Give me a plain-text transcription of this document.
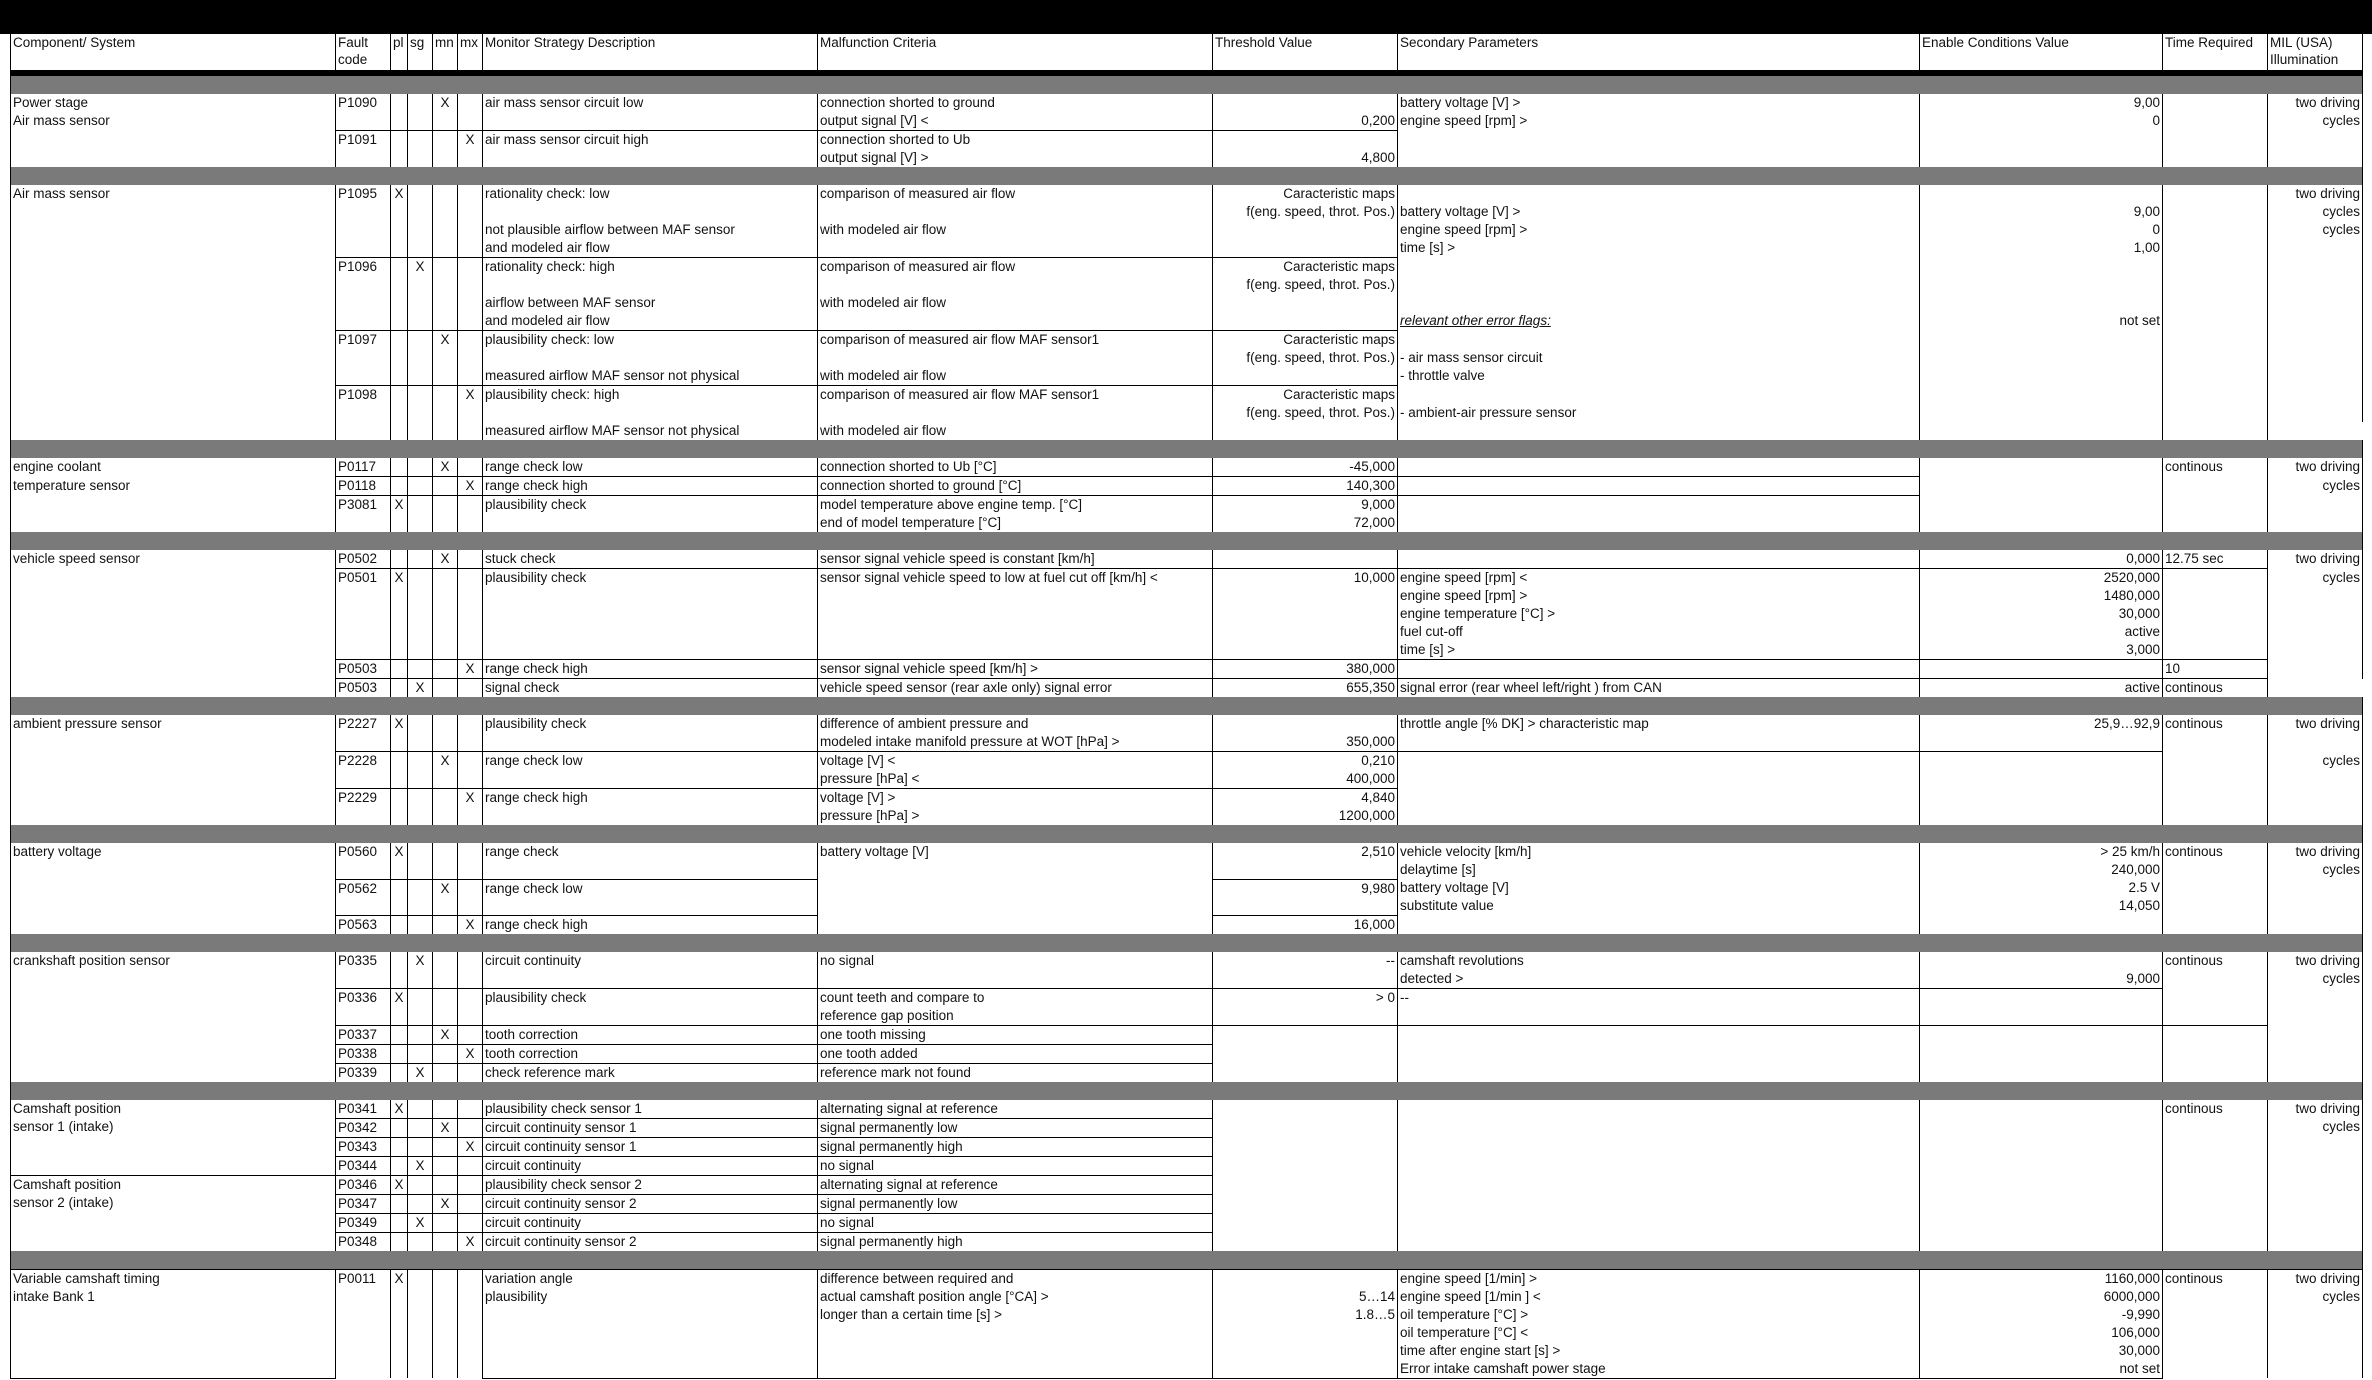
Component/ System	Fault code	pl	sg	mn	mx	Monitor Strategy Description	Malfunction Criteria	Threshold Value	Secondary Parameters	Enable Conditions Value	Time Required	MIL (USA) Illumination

Power stage	P1090			X		air mass sensor circuit low	connection shorted to ground		battery voltage [V] >	9,00		two driving
Air mass sensor							output signal [V] <	0,200	engine speed [rpm] >	0		cycles
	P1091				X	air mass sensor circuit high	connection shorted to Ub					
							output signal [V] >	4,800				

Air mass sensor	P1095	X				rationality check: low	comparison of measured air flow	Caracteristic maps				two driving
								f(eng. speed, throt. Pos.)	battery voltage [V] >	9,00		cycles
						not plausible airflow between MAF sensor	with modeled air flow		engine speed [rpm] >	0		cycles
						and modeled air flow			time [s] >	1,00		
	P1096		X			rationality check: high	comparison of measured air flow	Caracteristic maps				
								f(eng. speed, throt. Pos.)				
						airflow between MAF sensor	with modeled air flow					
						and modeled air flow			relevant other error flags:	not set		
	P1097			X		plausibility check: low	comparison of measured air flow MAF sensor1	Caracteristic maps				
								f(eng. speed, throt. Pos.)	- air mass sensor circuit			
						measured airflow MAF sensor not physical	with modeled air flow		- throttle valve			
	P1098				X	plausibility check: high	comparison of measured air flow MAF sensor1	Caracteristic maps				
								f(eng. speed, throt. Pos.)	- ambient-air pressure sensor			
						measured airflow MAF sensor not physical	with modeled air flow					

engine coolant	P0117			X		range check low	connection shorted to Ub [°C]	-45,000			continous	two driving
temperature sensor	P0118				X	range check high	connection shorted to ground [°C]	140,300				cycles
	P3081	X				plausibility check	model temperature above engine temp. [°C]	9,000				
							end of model temperature [°C]	72,000				

vehicle speed sensor	P0502			X		stuck check	sensor signal vehicle speed is constant [km/h]			0,000	12.75 sec	two driving
	P0501	X				plausibility check	sensor signal vehicle speed to low at fuel cut off [km/h] <	10,000	engine speed [rpm] <	2520,000		cycles
									engine speed [rpm] >	1480,000		
									engine temperature [°C] >	30,000		
									fuel cut-off	active		
									time [s] >	3,000		
	P0503				X	range check high	sensor signal vehicle speed [km/h] >	380,000			10	
	P0503		X			signal check	vehicle speed sensor (rear axle only) signal error	655,350	signal error (rear wheel left/right ) from CAN	active	continous	

ambient pressure sensor	P2227	X				plausibility check	difference of ambient pressure and		throttle angle [% DK] > characteristic map	25,9…92,9	continous	two driving
							modeled intake manifold pressure at WOT [hPa] >	350,000				
	P2228			X		range check low	voltage [V] <	0,210				cycles
							pressure [hPa] <	400,000				
	P2229				X	range check high	voltage [V] >	4,840				
							pressure [hPa] >	1200,000				

battery voltage	P0560	X				range check	battery voltage [V]	2,510	vehicle velocity [km/h]	> 25 km/h	continous	two driving
									delaytime [s]	240,000		cycles
	P0562			X		range check low		9,980	battery voltage [V]	2.5 V		
									substitute value	14,050		
	P0563				X	range check high		16,000				

crankshaft position sensor	P0335		X			circuit continuity	no signal	--	camshaft revolutions		continous	two driving
									detected >	9,000		cycles
	P0336	X				plausibility check	count teeth and compare to	> 0	--			
							reference gap position					
	P0337			X		tooth correction	one tooth missing					
	P0338				X	tooth correction	one tooth added					
	P0339		X			check reference mark	reference mark not found					

Camshaft position	P0341	X				plausibility check sensor 1	alternating signal at reference				continous	two driving
sensor 1 (intake)	P0342			X		circuit continuity sensor 1	signal permanently low					cycles
	P0343				X	circuit continuity sensor 1	signal permanently high					
	P0344		X			circuit continuity	no signal					
Camshaft position	P0346	X				plausibility check sensor 2	alternating signal at reference					
sensor 2 (intake)	P0347			X		circuit continuity sensor 2	signal permanently low					
	P0349		X			circuit continuity	no signal					
	P0348				X	circuit continuity sensor 2	signal permanently high					

Variable camshaft timing	P0011	X				variation angle	difference between required and		engine speed [1/min] >	1160,000	continous	two driving
intake Bank 1						plausibility	actual camshaft position angle [°CA] >	5…14	engine speed [1/min ] <	6000,000		cycles
							longer than a certain time [s] >	1.8…5	oil temperature [°C] >	-9,990		
									oil temperature [°C] <	106,000		
									time after engine start [s] >	30,000		
									Error intake camshaft power stage	not set		
